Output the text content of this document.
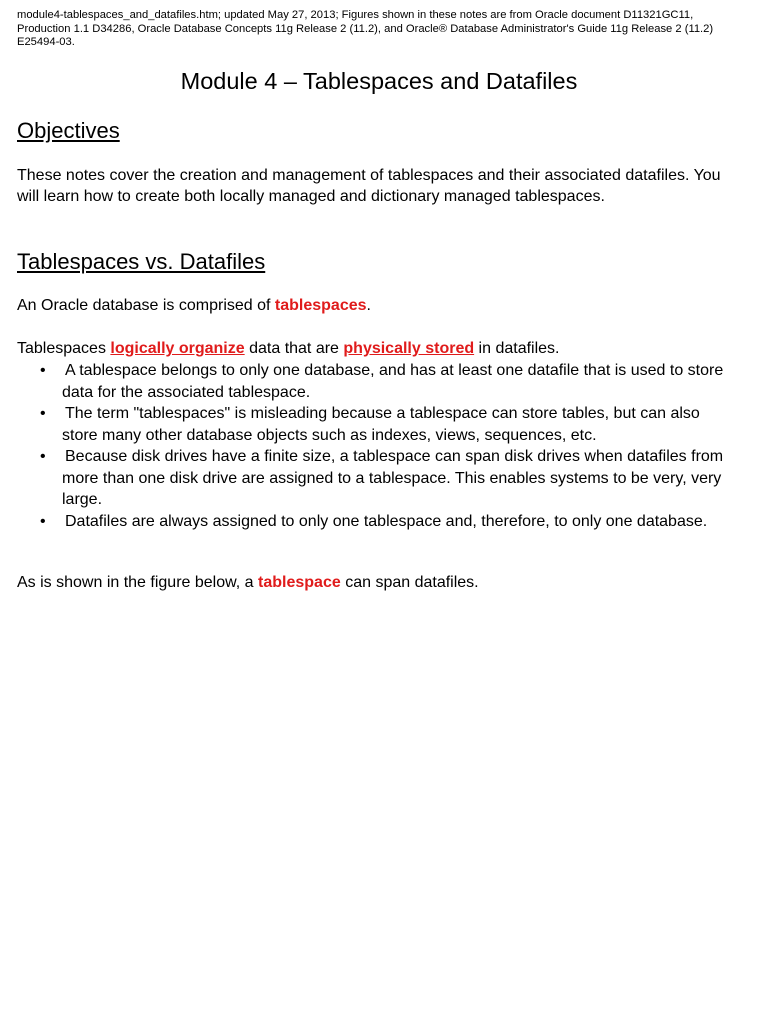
module4-tablespaces_and_datafiles.htm; updated May 27, 2013; Figures shown in these notes are from Oracle document D11321GC11, Production 1.1 D34286, Oracle Database Concepts 11g Release 2 (11.2), and Oracle® Database Administrator's Guide 11g Release 2 (11.2) E25494-03.

Module 4 – Tablespaces and Datafiles
Objectives

These notes cover the creation and management of tablespaces and their associated datafiles. You will learn how to create both locally managed and dictionary managed tablespaces.

Tablespaces vs. Datafiles

An Oracle database is comprised of tablespaces.

Tablespaces logically organize data that are physically stored in datafiles.

• A tablespace belongs to only one database, and has at least one datafile that is used to store data for the associated tablespace.
• The term "tablespaces" is misleading because a tablespace can store tables, but can also store many other database objects such as indexes, views, sequences, etc.
• Because disk drives have a finite size, a tablespace can span disk drives when datafiles from more than one disk drive are assigned to a tablespace. This enables systems to be very, very large.
• Datafiles are always assigned to only one tablespace and, therefore, to only one database.

As is shown in the figure below, a tablespace can span datafiles.
